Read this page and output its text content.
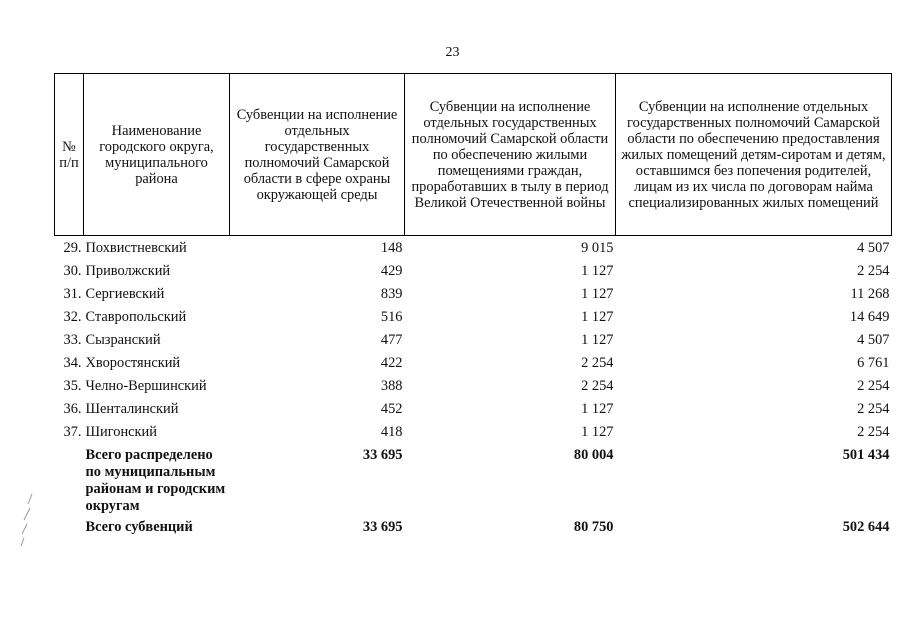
23
№ п/п	Наименование городского округа, муниципального района	Субвенции на исполнение отдельных государственных полномочий Самарской области в сфере охраны окружающей среды	Субвенции на исполнение отдельных государственных полномочий Самарской области по обеспечению жилыми помещениями граждан, проработавших в тылу в период Великой Отечественной войны	Субвенции на исполнение отдельных государственных полномочий Самарской области по обеспечению предоставления жилых помещений детям-сиротам и детям, оставшимся без попечения родителей, лицам из их числа по договорам найма специализированных жилых помещений
29.	Похвистневский	148	9 015	4 507
30.	Приволжский	429	1 127	2 254
31.	Сергиевский	839	1 127	11 268
32.	Ставропольский	516	1 127	14 649
33.	Сызранский	477	1 127	4 507
34.	Хворостянский	422	2 254	6 761
35.	Челно-Вершинский	388	2 254	2 254
36.	Шенталинский	452	1 127	2 254
37.	Шигонский	418	1 127	2 254
	Всего распределено по муниципальным районам и городским округам	33 695	80 004	501 434
	Всего субвенций	33 695	80 750	502 644
